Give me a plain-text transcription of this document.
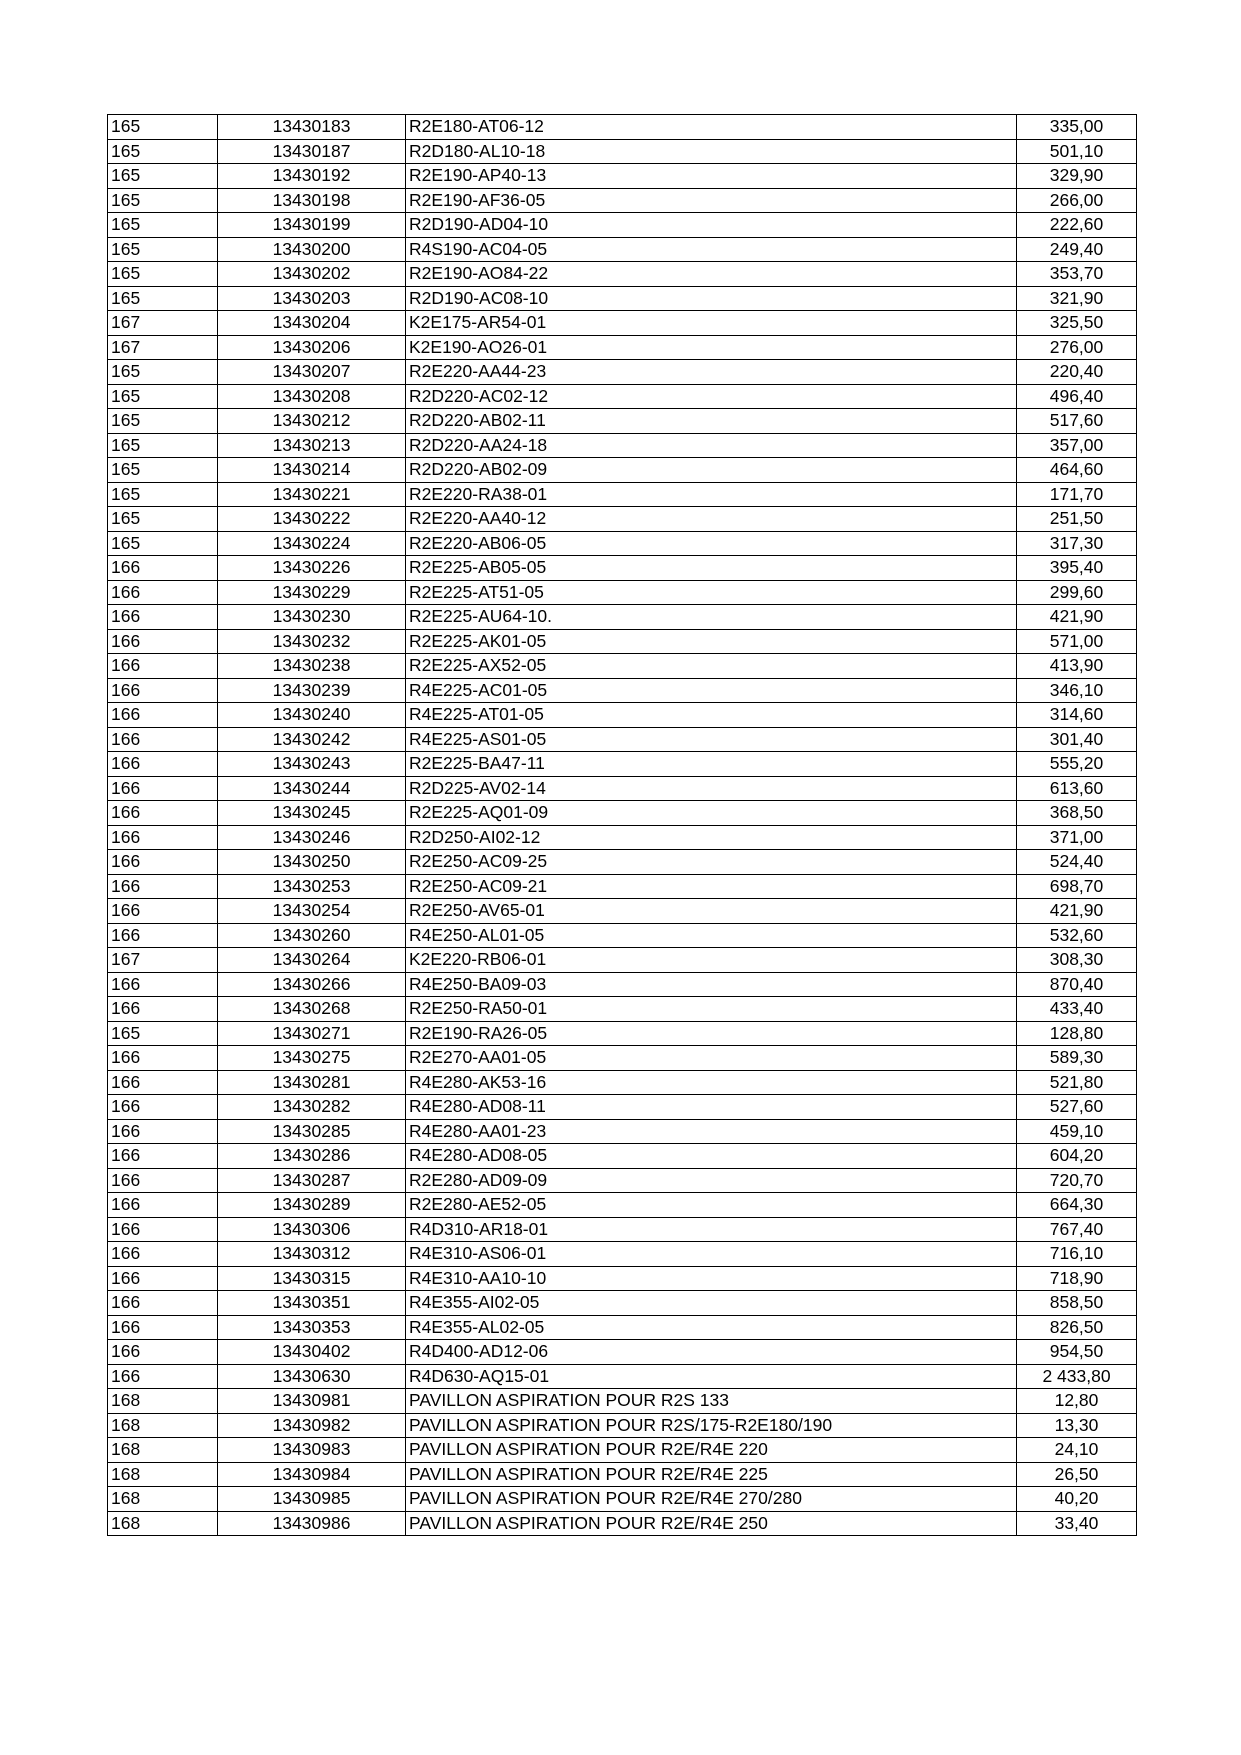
165	13430183	R2E180-AT06-12	335,00
165	13430187	R2D180-AL10-18	501,10
165	13430192	R2E190-AP40-13	329,90
165	13430198	R2E190-AF36-05	266,00
165	13430199	R2D190-AD04-10	222,60
165	13430200	R4S190-AC04-05	249,40
165	13430202	R2E190-AO84-22	353,70
165	13430203	R2D190-AC08-10	321,90
167	13430204	K2E175-AR54-01	325,50
167	13430206	K2E190-AO26-01	276,00
165	13430207	R2E220-AA44-23	220,40
165	13430208	R2D220-AC02-12	496,40
165	13430212	R2D220-AB02-11	517,60
165	13430213	R2D220-AA24-18	357,00
165	13430214	R2D220-AB02-09	464,60
165	13430221	R2E220-RA38-01	171,70
165	13430222	R2E220-AA40-12	251,50
165	13430224	R2E220-AB06-05	317,30
166	13430226	R2E225-AB05-05	395,40
166	13430229	R2E225-AT51-05	299,60
166	13430230	R2E225-AU64-10.	421,90
166	13430232	R2E225-AK01-05	571,00
166	13430238	R2E225-AX52-05	413,90
166	13430239	R4E225-AC01-05	346,10
166	13430240	R4E225-AT01-05	314,60
166	13430242	R4E225-AS01-05	301,40
166	13430243	R2E225-BA47-11	555,20
166	13430244	R2D225-AV02-14	613,60
166	13430245	R2E225-AQ01-09	368,50
166	13430246	R2D250-AI02-12	371,00
166	13430250	R2E250-AC09-25	524,40
166	13430253	R2E250-AC09-21	698,70
166	13430254	R2E250-AV65-01	421,90
166	13430260	R4E250-AL01-05	532,60
167	13430264	K2E220-RB06-01	308,30
166	13430266	R4E250-BA09-03	870,40
166	13430268	R2E250-RA50-01	433,40
165	13430271	R2E190-RA26-05	128,80
166	13430275	R2E270-AA01-05	589,30
166	13430281	R4E280-AK53-16	521,80
166	13430282	R4E280-AD08-11	527,60
166	13430285	R4E280-AA01-23	459,10
166	13430286	R4E280-AD08-05	604,20
166	13430287	R2E280-AD09-09	720,70
166	13430289	R2E280-AE52-05	664,30
166	13430306	R4D310-AR18-01	767,40
166	13430312	R4E310-AS06-01	716,10
166	13430315	R4E310-AA10-10	718,90
166	13430351	R4E355-AI02-05	858,50
166	13430353	R4E355-AL02-05	826,50
166	13430402	R4D400-AD12-06	954,50
166	13430630	R4D630-AQ15-01	2 433,80
168	13430981	PAVILLON ASPIRATION POUR R2S 133	12,80
168	13430982	PAVILLON ASPIRATION POUR R2S/175-R2E180/190	13,30
168	13430983	PAVILLON ASPIRATION POUR R2E/R4E 220	24,10
168	13430984	PAVILLON ASPIRATION POUR R2E/R4E 225	26,50
168	13430985	PAVILLON ASPIRATION POUR R2E/R4E 270/280	40,20
168	13430986	PAVILLON ASPIRATION POUR R2E/R4E 250	33,40
